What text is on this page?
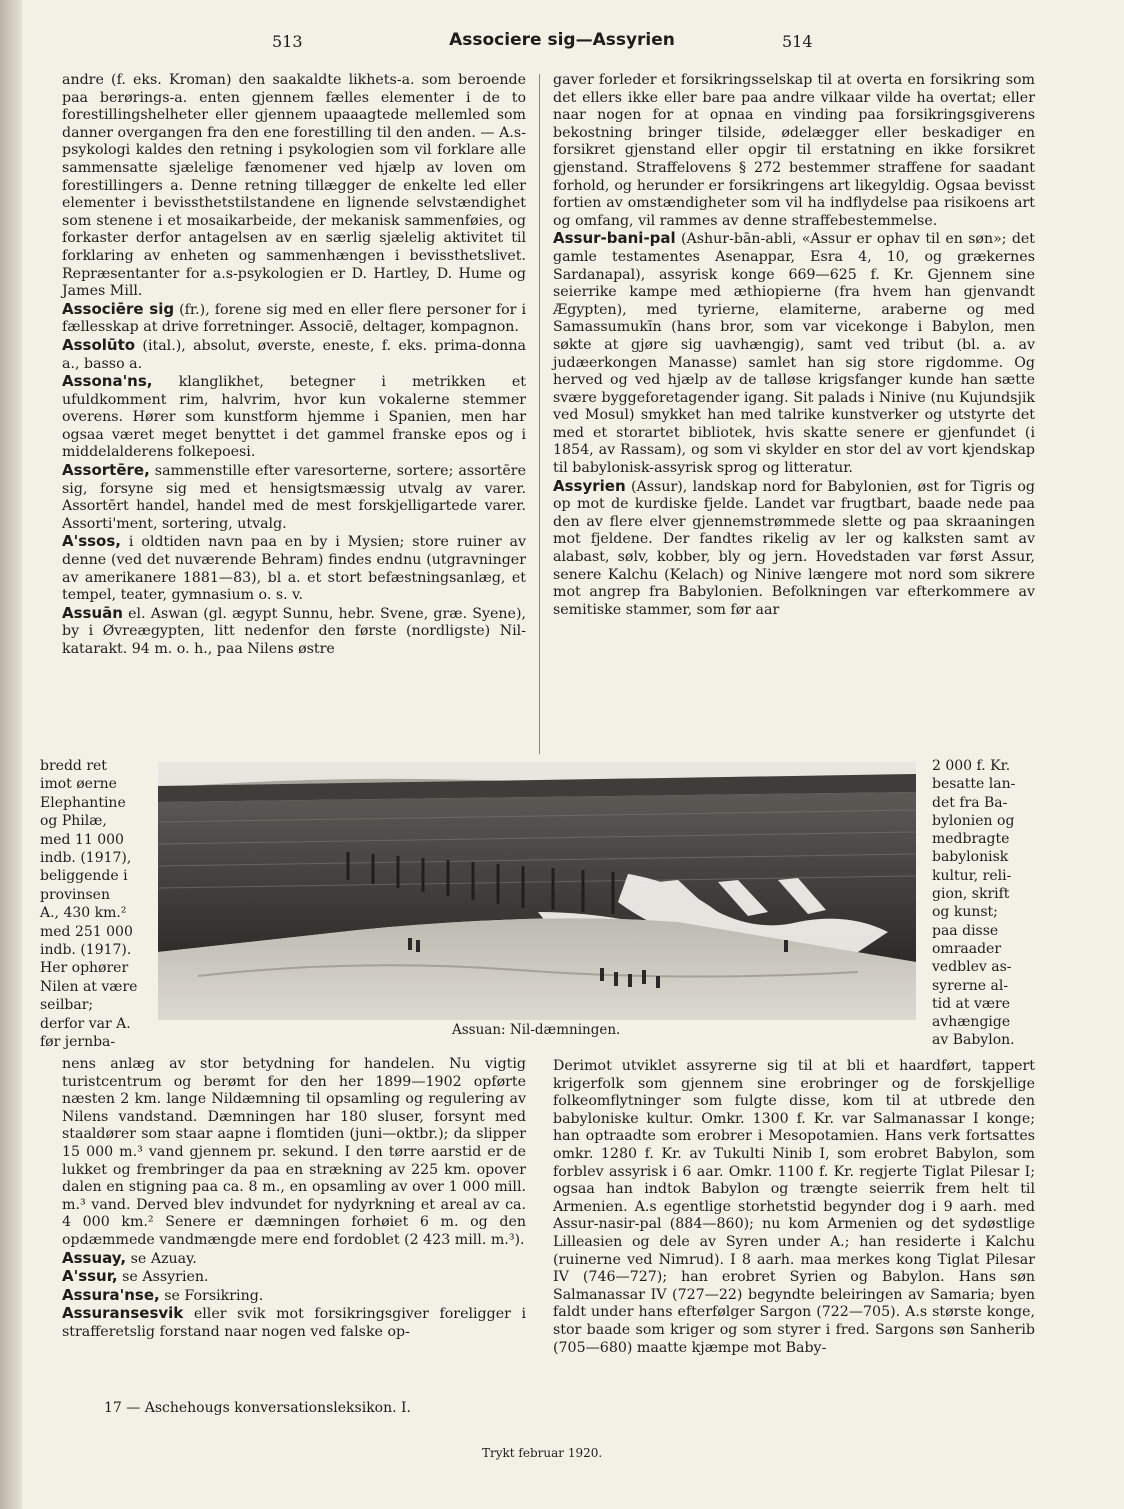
513	Associere sig—Assyrien	514

andre (f. eks. Kroman) den saakaldte likhets-a. som beroende paa berørings-a. enten gjennem fælles elementer i de to forestillingshelheter eller gjennem upaaagtede mellemled som danner overgangen fra den ene forestilling til den anden. — A.s-psykologi kaldes den retning i psykologien som vil forklare alle sammensatte sjælelige fænomener ved hjælp av loven om forestillingers a. Denne retning tillægger de enkelte led eller elementer i bevissthetstilstandene en lignende selvstændighet som stenene i et mosaikarbeide, der mekanisk sammenføies, og forkaster derfor antagelsen av en særlig sjælelig aktivitet til forklaring av enheten og sammenhængen i bevissthetslivet. Repræsentanter for a.s-psykologien er D. Hartley, D. Hume og James Mill.

Associēre sig (fr.), forene sig med en eller flere personer for i fællesskap at drive forretninger. Associē, deltager, kompagnon.

Assolūto (ital.), absolut, øverste, eneste, f. eks. prima-donna a., basso a.

Assona'ns, klanglikhet, betegner i metrikken et ufuldkomment rim, halvrim, hvor kun vokalerne stemmer overens. Hører som kunstform hjemme i Spanien, men har ogsaa været meget benyttet i det gammel franske epos og i middelalderens folkepoesi.

Assortēre, sammenstille efter varesorterne, sortere; assortēre sig, forsyne sig med et hensigtsmæssig utvalg av varer. Assortērt handel, handel med de mest forskjelligartede varer. Assorti'ment, sortering, utvalg.

A'ssos, i oldtiden navn paa en by i Mysien; store ruiner av denne (ved det nuværende Behram) findes endnu (utgravninger av amerikanere 1881—83), bl a. et stort befæstningsanlæg, et tempel, teater, gymnasium o. s. v.

Assuān el. Aswan (gl. ægypt Sunnu, hebr. Svene, græ. Syene), by i Øvreægypten, litt nedenfor den første (nordligste) Nil-katarakt. 94 m. o. h., paa Nilens østre

bredd ret

imot øerne

Elephantine

og Philæ,

med 11 000

indb. (1917),

beliggende i

provinsen

A., 430 km.²

med 251 000

indb. (1917).

Her ophører

Nilen at være seilbar;

derfor var A.

før jernba-

Assuan: Nil-dæmningen.

nens anlæg av stor betydning for handelen. Nu vigtig turistcentrum og berømt for den her 1899—1902 opførte næsten 2 km. lange Nildæmning til opsamling og regulering av Nilens vandstand. Dæmningen har 180 sluser, forsynt med staaldører som staar aapne i flomtiden (juni—oktbr.); da slipper 15 000 m.³ vand gjennem pr. sekund. I den tørre aarstid er de lukket og frembringer da paa en strækning av 225 km. opover dalen en stigning paa ca. 8 m., en opsamling av over 1 000 mill. m.³ vand. Derved blev indvundet for nydyrkning et areal av ca. 4 000 km.² Senere er dæmningen forhøiet 6 m. og den opdæmmede vandmængde mere end fordoblet (2 423 mill. m.³).

Assuay, se Azuay.

A'ssur, se Assyrien.

Assura'nse, se Forsikring.

Assuransesvik eller svik mot forsikringsgiver foreligger i strafferetslig forstand naar nogen ved falske op-

gaver forleder et forsikringsselskap til at overta en forsikring som det ellers ikke eller bare paa andre vilkaar vilde ha overtat; eller naar nogen for at opnaa en vinding paa forsikringsgiverens bekostning bringer tilside, ødelægger eller beskadiger en forsikret gjenstand eller opgir til erstatning en ikke forsikret gjenstand. Straffelovens § 272 bestemmer straffene for saadant forhold, og herunder er forsikringens art likegyldig. Ogsaa bevisst fortien av omstændigheter som vil ha indflydelse paa risikoens art og omfang, vil rammes av denne straffebestemmelse.

Assur-bani-pal (Ashur-bān-abli, «Assur er ophav til en søn»; det gamle testamentes Asenappar, Esra 4, 10, og grækernes Sardanapal), assyrisk konge 669—625 f. Kr. Gjennem sine seierrike kampe med æthiopierne (fra hvem han gjenvandt Ægypten), med tyrierne, elamiterne, araberne og med Samassumukīn (hans bror, som var vicekonge i Babylon, men søkte at gjøre sig uavhængig), samt ved tribut (bl. a. av judæerkongen Manasse) samlet han sig store rigdomme. Og herved og ved hjælp av de talløse krigsfanger kunde han sætte svære byggeforetagender igang. Sit palads i Ninive (nu Kujundsjik ved Mosul) smykket han med talrike kunstverker og utstyrte det med et storartet bibliotek, hvis skatte senere er gjenfundet (i 1854, av Rassam), og som vi skylder en stor del av vort kjendskap til babylonisk-assyrisk sprog og litteratur.

Assyrien (Assur), landskap nord for Babylonien, øst for Tigris og op mot de kurdiske fjelde. Landet var frugtbart, baade nede paa den av flere elver gjennemstrømmede slette og paa skraaningen mot fjeldene. Der fandtes rikelig av ler og kalksten samt av alabast, sølv, kobber, bly og jern. Hovedstaden var først Assur, senere Kalchu (Kelach) og Ninive længere mot nord som sikrere mot angrep fra Babylonien. Befolkningen var efterkommere av semitiske stammer, som før aar

2 000 f. Kr.

besatte lan-

det fra Ba-

bylonien og

medbragte

babylonisk

kultur, reli-

gion, skrift

og kunst;

paa disse

omraader

vedblev as-

syrerne al-

tid at være

avhængige

av Babylon.

Derimot utviklet assyrerne sig til at bli et haardført, tappert krigerfolk som gjennem sine erobringer og de forskjellige folkeomflytninger som fulgte disse, kom til at utbrede den babyloniske kultur. Omkr. 1300 f. Kr. var Salmanassar I konge; han optraadte som erobrer i Mesopotamien. Hans verk fortsattes omkr. 1280 f. Kr. av Tukulti Ninib I, som erobret Babylon, som forblev assyrisk i 6 aar. Omkr. 1100 f. Kr. regjerte Tiglat Pilesar I; ogsaa han indtok Babylon og trængte seierrik frem helt til Armenien. A.s egentlige storhetstid begynder dog i 9 aarh. med Assur-nasir-pal (884—860); nu kom Armenien og det sydøstlige Lilleasien og dele av Syren under A.; han residerte i Kalchu (ruinerne ved Nimrud). I 8 aarh. maa merkes kong Tiglat Pilesar IV (746—727); han erobret Syrien og Babylon. Hans søn Salmanassar IV (727—22) begyndte beleiringen av Samaria; byen faldt under hans efterfølger Sargon (722—705). A.s største konge, stor baade som kriger og som styrer i fred. Sargons søn Sanherib (705—680) maatte kjæmpe mot Baby-

17 — Aschehougs konversationsleksikon. I.
Trykt februar 1920.
